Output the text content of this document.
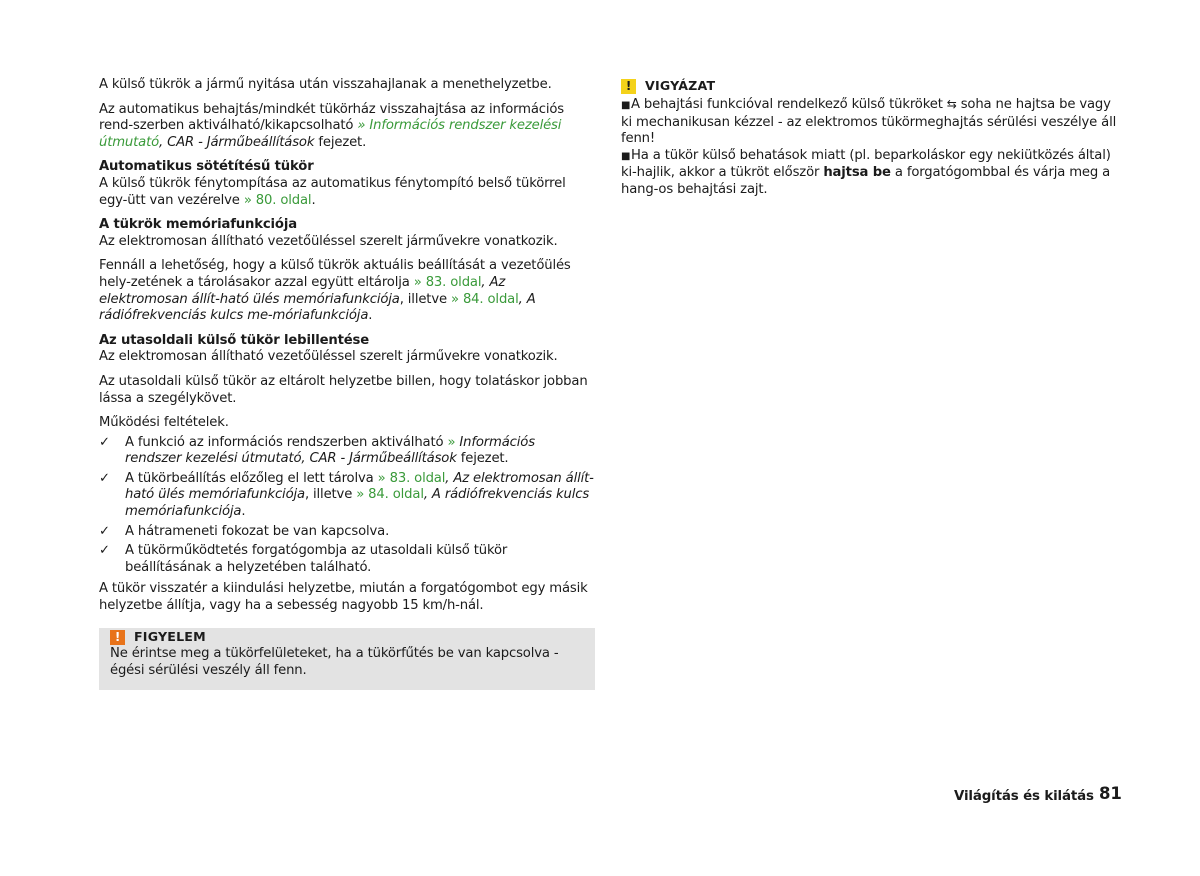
A külső tükrök a jármű nyitása után visszahajlanak a menethelyzetbe.

Az automatikus behajtás/mindkét tükörház visszahajtása az információs rend-szerben aktiválható/kikapcsolható » Információs rendszer kezelési útmutató, CAR - Járműbeállítások fejezet.

Automatikus sötétítésű tükör

A külső tükrök fénytompítása az automatikus fénytompító belső tükörrel egy-ütt van vezérelve » 80. oldal.

A tükrök memóriafunkciója

Az elektromosan állítható vezetőüléssel szerelt járművekre vonatkozik.

Fennáll a lehetőség, hogy a külső tükrök aktuális beállítását a vezetőülés hely-zetének a tárolásakor azzal együtt eltárolja » 83. oldal, Az elektromosan állít-ható ülés memóriafunkciója, illetve » 84. oldal, A rádiófrekvenciás kulcs me-móriafunkciója.

Az utasoldali külső tükör lebillentése

Az elektromosan állítható vezetőüléssel szerelt járművekre vonatkozik.

Az utasoldali külső tükör az eltárolt helyzetbe billen, hogy tolatáskor jobban lássa a szegélykövet.

Működési feltételek.

✓	A funkció az információs rendszerben aktiválható » Információs rendszer kezelési útmutató, CAR - Járműbeállítások fejezet.
✓	A tükörbeállítás előzőleg el lett tárolva » 83. oldal, Az elektromosan állít-ható ülés memóriafunkciója, illetve » 84. oldal, A rádiófrekvenciás kulcs memóriafunkciója.
✓	A hátrameneti fokozat be van kapcsolva.
✓	A tükörműködtetés forgatógombja az utasoldali külső tükör beállításának a helyzetében található.

A tükör visszatér a kiindulási helyzetbe, miután a forgatógombot egy másik helyzetbe állítja, vagy ha a sebesség nagyobb 15 km/h-nál.

!	FIGYELEM

Ne érintse meg a tükörfelületeket, ha a tükörfűtés be van kapcsolva - égési sérülési veszély áll fenn.

!	VIGYÁZAT

■A behajtási funkcióval rendelkező külső tükröket ⇆ soha ne hajtsa be vagy ki mechanikusan kézzel - az elektromos tükörmeghajtás sérülési veszélye áll fenn!

■Ha a tükör külső behatások miatt (pl. beparkoláskor egy nekiütközés által) ki-hajlik, akkor a tükröt először hajtsa be a forgatógombbal és várja meg a hang-os behajtási zajt.

Világítás és kilátás 81
